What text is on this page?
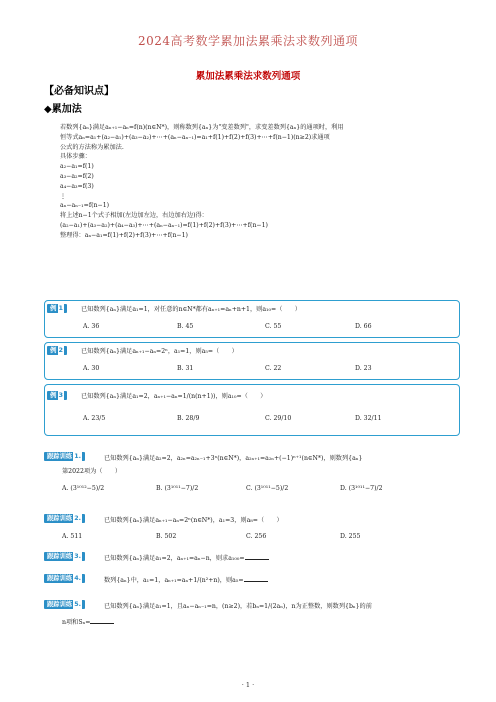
2024高考数学累加法累乘法求数列通项
累加法累乘法求数列通项
【必备知识点】
◆累加法
若数列{aₙ}满足aₙ₊₁−aₙ=f(n)(n∈N*)，则称数列{aₙ}为"变差数列"，求变差数列{aₙ}的通项时，利用
恒等式aₙ=a₁+(a₂−a₁)+(a₃−a₂)+⋯+(aₙ−aₙ₋₁)=a₁+f(1)+f(2)+f(3)+⋯+f(n−1)(n≥2)求通项
公式的方法称为累加法.
具体步骤：
a₂−a₁=f(1)
a₃−a₂=f(2)
a₄−a₃=f(3)
⋮
aₙ−aₙ₋₁=f(n−1)
将上述n−1个式子相加(左边加左边，右边加右边)得：
(a₂−a₁)+(a₃−a₂)+(a₄−a₃)+⋯+(aₙ−aₙ₋₁)=f(1)+f(2)+f(3)+⋯+f(n−1)
整理得：aₙ−a₁=f(1)+f(2)+f(3)+⋯+f(n−1)
例 1	已知数列{aₙ}满足a₁=1，对任意的n∈N*都有aₙ₊₁=aₙ+n+1，则a₁₀=（　　）
A. 36	B. 45	C. 55	D. 66
例 2	已知数列{aₙ}满足aₙ₊₁−aₙ=2ⁿ，a₁=1，则a₅=（　　）
A. 30	B. 31	C. 22	D. 23
例 3	已知数列{aₙ}满足a₁=2，aₙ₊₁−aₙ=1/(n(n+1))，则a₁₀=（　　）
A. 23/5	B. 28/9	C. 29/10	D. 32/11
跟踪训练 1.	已知数列{aₙ}满足a₂=2，a₂ₙ=a₂ₙ₋₁+3ⁿ(n∈N*)，a₂ₙ₊₁=a₂ₙ+(−1)ⁿ⁺¹(n∈N*)，则数列{aₙ}
第2022项为（　　）
A. (3¹⁰¹²−5)/2	B. (3¹⁰¹¹−7)/2	C. (3¹⁰¹¹−5)/2	D. (3¹⁰¹¹−7)/2
跟踪训练 2.	已知数列{aₙ}满足aₙ₊₁−aₙ=2ⁿ(n∈N*)，a₁=3，则a₈=（　　）
A. 511	B. 502	C. 256	D. 255
跟踪训练 3.	已知数列{aₙ}满足a₁=2，aₙ₊₁=aₙ−n，则求a₁₀₀=
跟踪训练 4.	数列{aₙ}中，a₁=1，aₙ₊₁=aₙ+1/(n²+n)，则a₅=
跟踪训练 5.	已知数列{aₙ}满足a₁=1，且aₙ−aₙ₋₁=n，(n≥2)，若bₙ=1/(2aₙ)，n为正整数，则数列{bₙ}的前
n项和Sₙ=
· 1 ·
